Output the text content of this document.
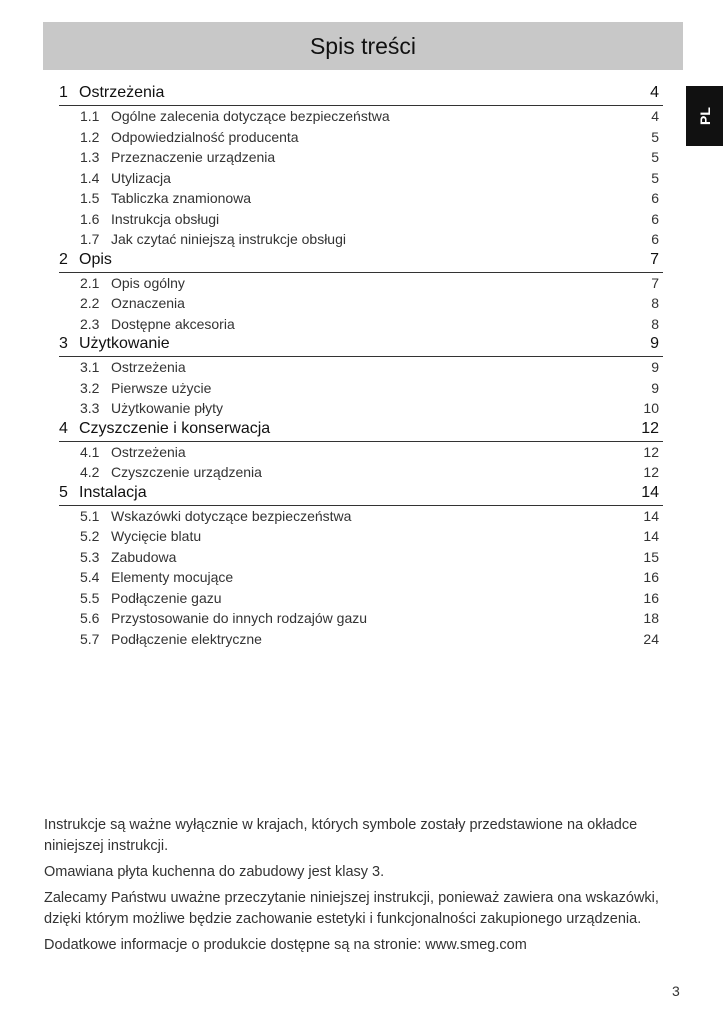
Spis treści
PL
1 Ostrzeżenia	4
1.1 Ogólne zalecenia dotyczące bezpieczeństwa	4
1.2 Odpowiedzialność producenta	5
1.3 Przeznaczenie urządzenia	5
1.4 Utylizacja	5
1.5 Tabliczka znamionowa	6
1.6 Instrukcja obsługi	6
1.7 Jak czytać niniejszą instrukcje obsługi	6
2 Opis	7
2.1 Opis ogólny	7
2.2 Oznaczenia	8
2.3 Dostępne akcesoria	8
3 Użytkowanie	9
3.1 Ostrzeżenia	9
3.2 Pierwsze użycie	9
3.3 Użytkowanie płyty	10
4 Czyszczenie i konserwacja	12
4.1 Ostrzeżenia	12
4.2 Czyszczenie urządzenia	12
5 Instalacja	14
5.1 Wskazówki dotyczące bezpieczeństwa	14
5.2 Wycięcie blatu	14
5.3 Zabudowa	15
5.4 Elementy mocujące	16
5.5 Podłączenie gazu	16
5.6 Przystosowanie do innych rodzajów gazu	18
5.7 Podłączenie elektryczne	24

Instrukcje są ważne wyłącznie w krajach, których symbole zostały przedstawione na okładce niniejszej instrukcji.

Omawiana płyta kuchenna do zabudowy jest klasy 3.

Zalecamy Państwu uważne przeczytanie niniejszej instrukcji, ponieważ zawiera ona wskazówki, dzięki którym możliwe będzie zachowanie estetyki i funkcjonalności zakupionego urządzenia.

Dodatkowe informacje o produkcie dostępne są na stronie: www.smeg.com

3
